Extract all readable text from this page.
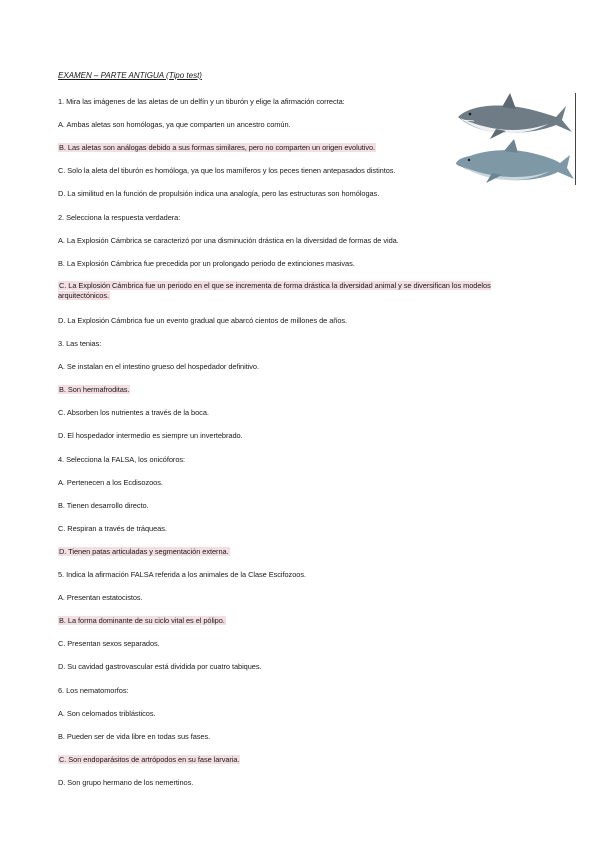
EXAMEN – PARTE ANTIGUA (Tipo test)
1. Mira las imágenes de las aletas de un delfín y un tiburón y elige la afirmación correcta:
A. Ambas aletas son homólogas, ya que comparten un ancestro común.
B. Las aletas son análogas debido a sus formas similares, pero no comparten un origen evolutivo.
C. Solo la aleta del tiburón es homóloga, ya que los mamíferos y los peces tienen antepasados distintos.
D. La similitud en la función de propulsión indica una analogía, pero las estructuras son homólogas.
2. Selecciona la respuesta verdadera:
A. La Explosión Cámbrica se caracterizó por una disminución drástica en la diversidad de formas de vida.
B. La Explosión Cámbrica fue precedida por un prolongado periodo de extinciones masivas.
C. La Explosión Cámbrica fue un periodo en el que se incrementa de forma drástica la diversidad animal y se diversifican los modelos arquitectónicos.
D. La Explosión Cámbrica fue un evento gradual que abarcó cientos de millones de años.
3. Las tenias:
A. Se instalan en el intestino grueso del hospedador definitivo.
B. Son hermafroditas.
C. Absorben los nutrientes a través de la boca.
D. El hospedador intermedio es siempre un invertebrado.
4. Selecciona la FALSA, los onicóforos:
A. Pertenecen a los Ecdisozoos.
B. Tienen desarrollo directo.
C. Respiran a través de tráqueas.
D. Tienen patas articuladas y segmentación externa.
5. Indica la afirmación FALSA referida a los animales de la Clase Escifozoos.
A. Presentan estatocistos.
B. La forma dominante de su ciclo vital es el pólipo.
C. Presentan sexos separados.
D. Su cavidad gastrovascular está dividida por cuatro tabiques.
6. Los nematomorfos:
A. Son celomados triblásticos.
B. Pueden ser de vida libre en todas sus fases.
C. Son endoparásitos de artrópodos en su fase larvaria.
D. Son grupo hermano de los nemertinos.
